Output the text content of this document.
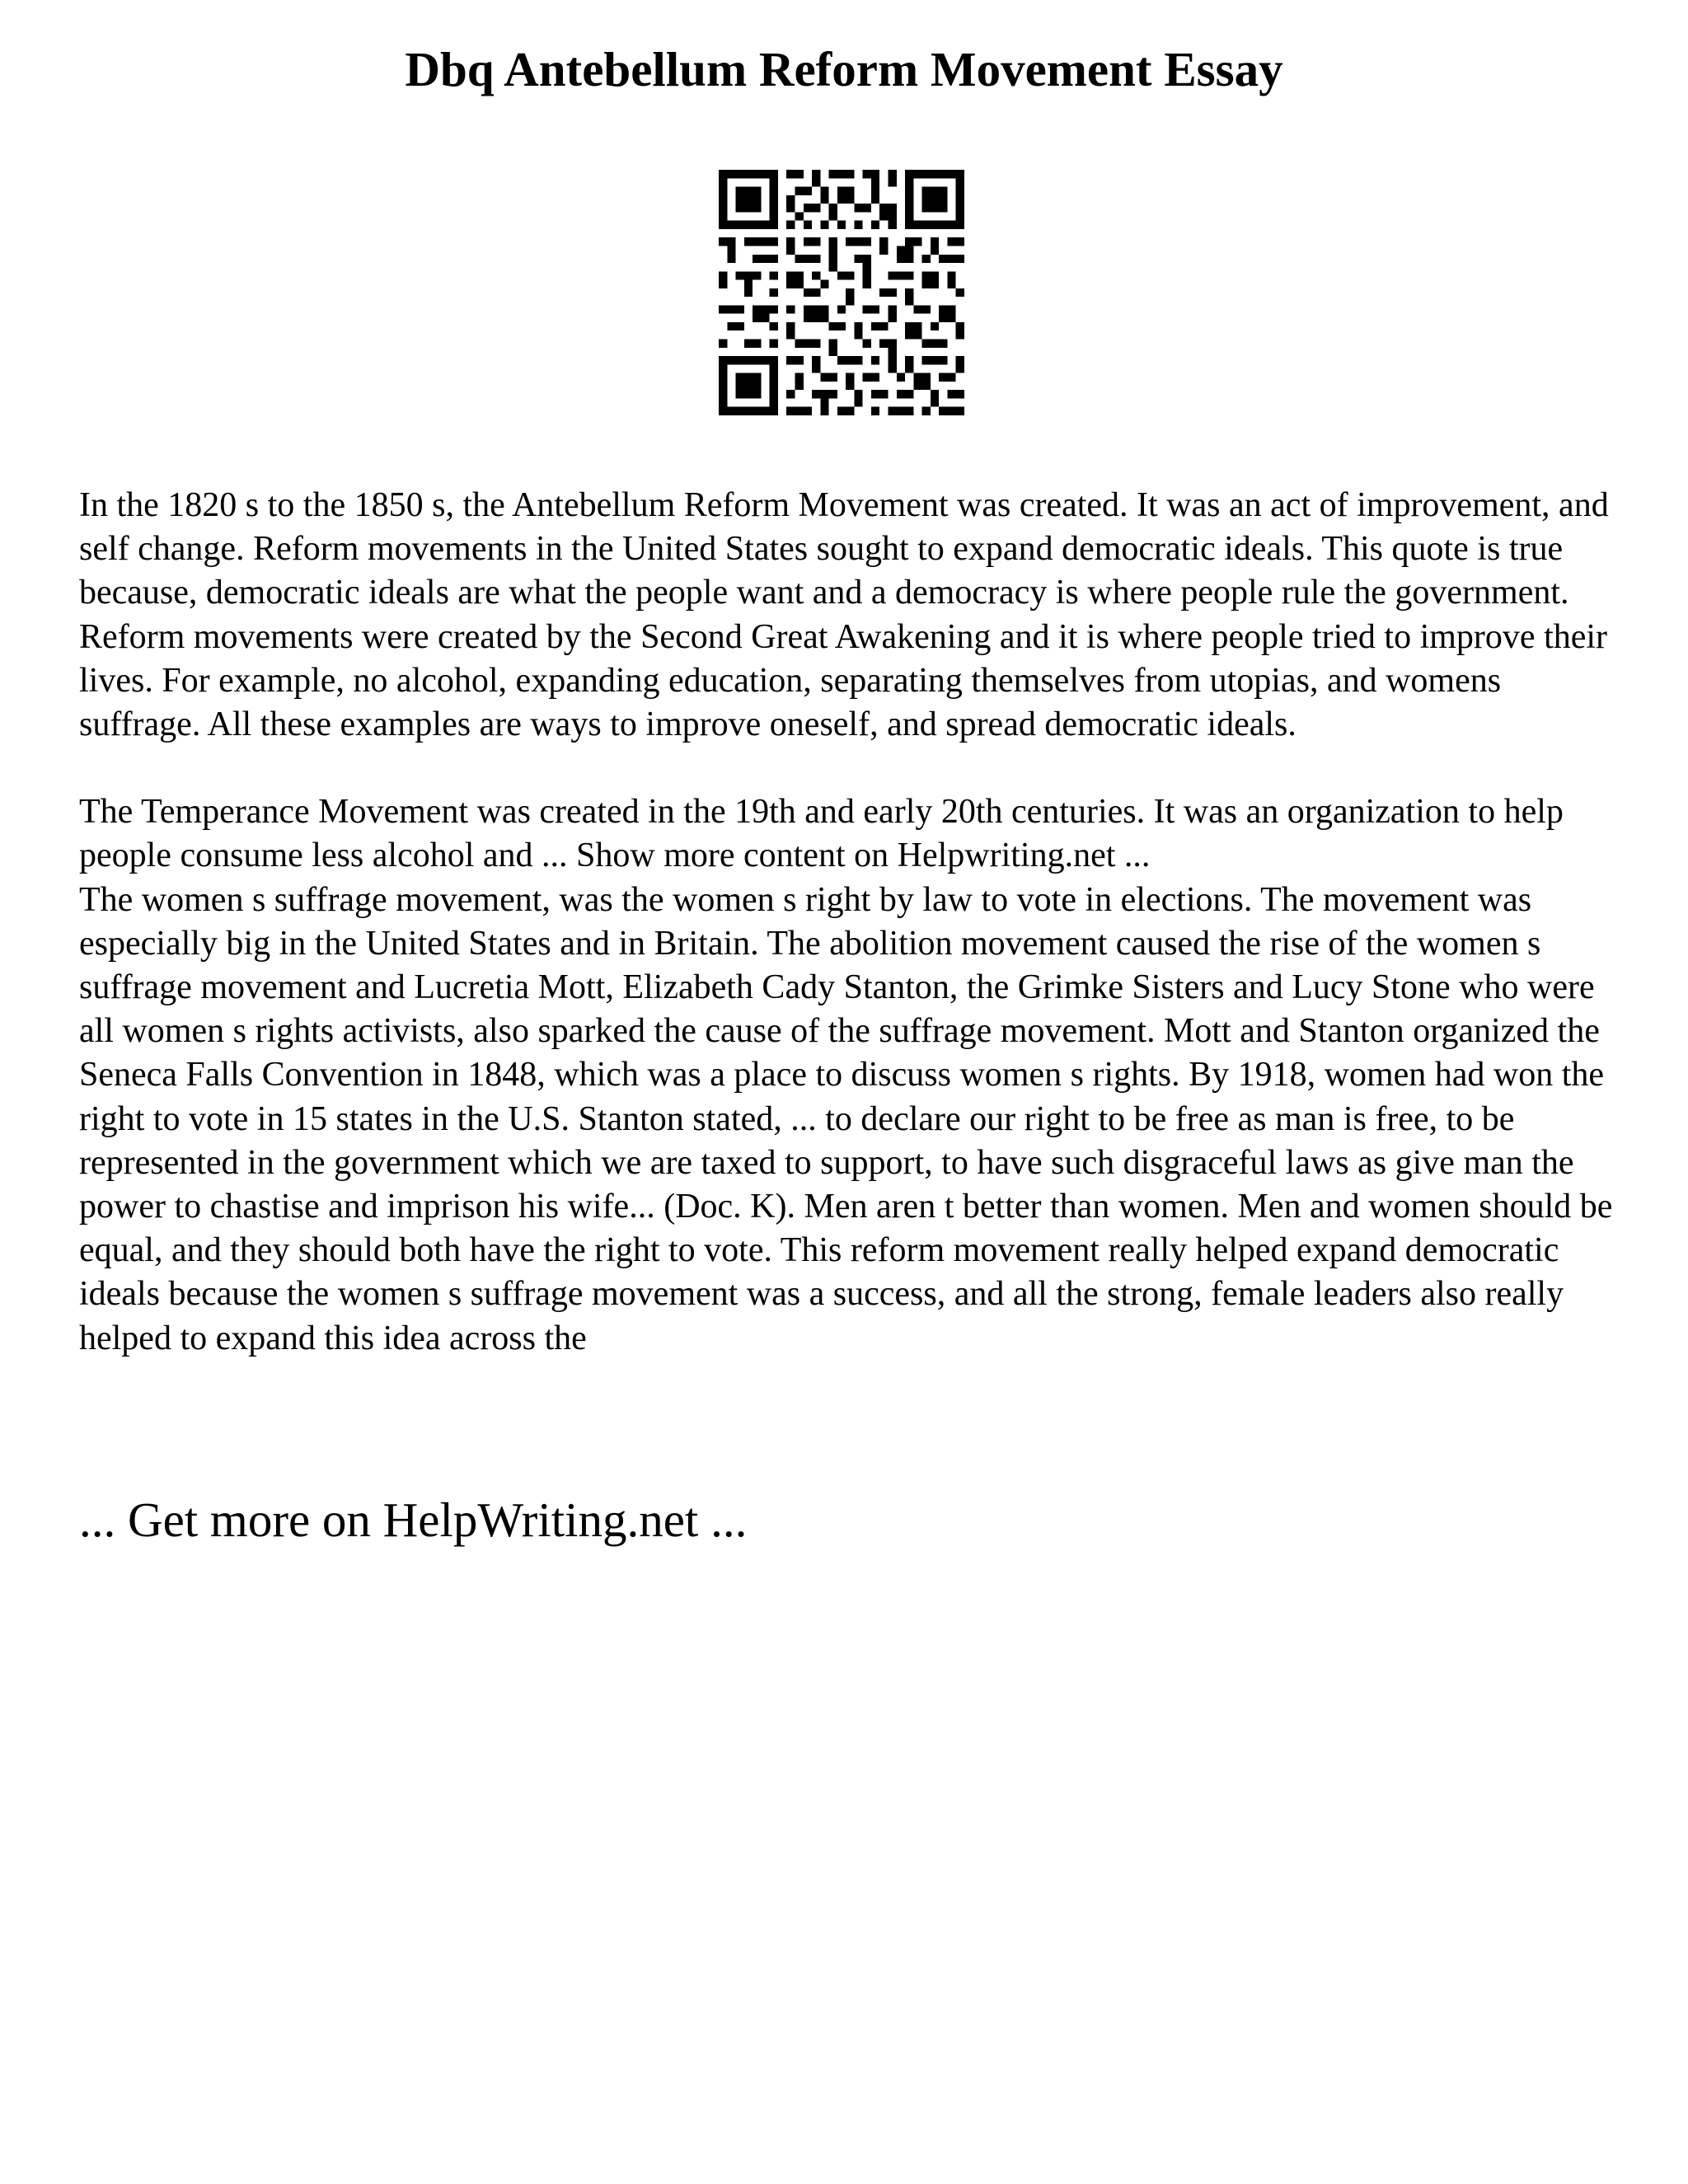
Dbq Antebellum Reform Movement Essay

In the 1820 s to the 1850 s, the Antebellum Reform Movement was created. It was an act of improvement, and self change. Reform movements in the United States sought to expand democratic ideals. This quote is true because, democratic ideals are what the people want and a democracy is where people rule the government. Reform movements were created by the Second Great Awakening and it is where people tried to improve their lives. For example, no alcohol, expanding education, separating themselves from utopias, and womens suffrage. All these examples are ways to improve oneself, and spread democratic ideals.

The Temperance Movement was created in the 19th and early 20th centuries. It was an organization to help people consume less alcohol and ... Show more content on Helpwriting.net ...

The women s suffrage movement, was the women s right by law to vote in elections. The movement was especially big in the United States and in Britain. The abolition movement caused the rise of the women s suffrage movement and Lucretia Mott, Elizabeth Cady Stanton, the Grimke Sisters and Lucy Stone who were all women s rights activists, also sparked the cause of the suffrage movement. Mott and Stanton organized the Seneca Falls Convention in 1848, which was a place to discuss women s rights. By 1918, women had won the right to vote in 15 states in the U.S. Stanton stated, ... to declare our right to be free as man is free, to be represented in the government which we are taxed to support, to have such disgraceful laws as give man the power to chastise and imprison his wife... (Doc. K). Men aren t better than women. Men and women should be equal, and they should both have the right to vote. This reform movement really helped expand democratic ideals because the women s suffrage movement was a success, and all the strong, female leaders also really helped to expand this idea across the

... Get more on HelpWriting.net ...
